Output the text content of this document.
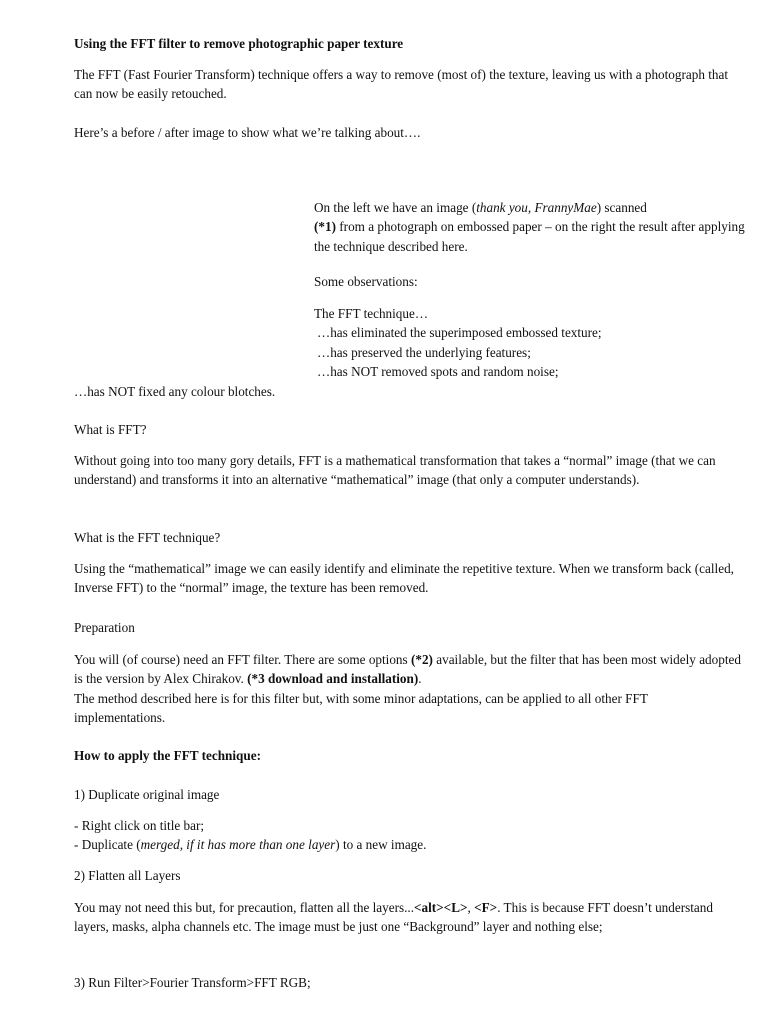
Using the FFT filter to remove photographic paper texture

The FFT (Fast Fourier Transform) technique offers a way to remove (most of) the texture, leaving us with a photograph that can now be easily retouched.

Here’s a before / after image to show what we’re talking about….

On the left we have an image (thank you, FrannyMae) scanned
(*1) from a photograph on embossed paper – on the right the result after applying the technique described here.

Some observations:

The FFT technique…
…has eliminated the superimposed embossed texture;
…has preserved the underlying features;
…has NOT removed spots and random noise;

…has NOT fixed any colour blotches.

What is FFT?

Without going into too many gory details, FFT is a mathematical transformation that takes a “normal” image (that we can understand) and transforms it into an alternative “mathematical” image (that only a computer understands).

What is the FFT technique?

Using the “mathematical” image we can easily identify and eliminate the repetitive texture. When we transform back (called, Inverse FFT) to the “normal” image, the texture has been removed.

Preparation

You will (of course) need an FFT filter. There are some options (*2) available, but the filter that has been most widely adopted is the version by Alex Chirakov. (*3 download and installation).
The method described here is for this filter but, with some minor adaptations, can be applied to all other FFT implementations.

How to apply the FFT technique:

1) Duplicate original image

- Right click on title bar;
- Duplicate (merged, if it has more than one layer) to a new image.

2) Flatten all Layers

You may not need this but, for precaution, flatten all the layers...<alt><L>, <F>. This is because FFT doesn’t understand layers, masks, alpha channels etc. The image must be just one “Background” layer and nothing else;

3) Run Filter>Fourier Transform>FFT RGB;
